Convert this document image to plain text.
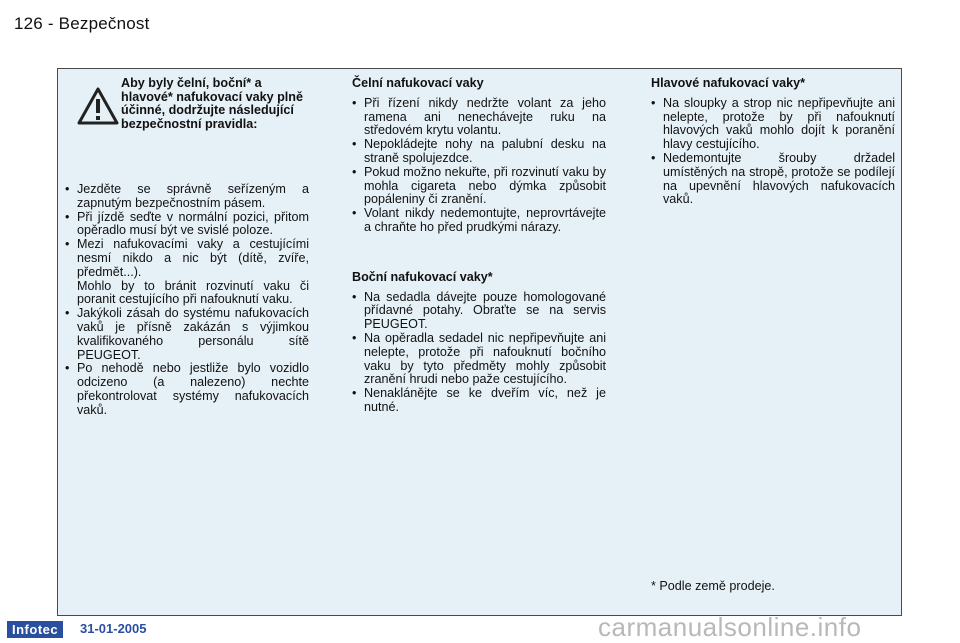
126 - Bezpečnost
Aby byly čelní, boční* a hlavové* nafukovací vaky plně účinné, dodržujte následující bezpečnostní pravidla:
• Jezděte se správně seřízeným a zapnutým bezpečnostním pásem.
• Při jízdě seďte v normální pozici, přitom opěradlo musí být ve svislé poloze.
• Mezi nafukovacími vaky a cestujícími nesmí nikdo a nic být (dítě, zvíře, předmět...).
Mohlo by to bránit rozvinutí vaku či poranit cestujícího při nafouknutí vaku.
• Jakýkoli zásah do systému nafukovacích vaků je přísně zakázán s výjimkou kvalifikovaného personálu sítě PEUGEOT.
• Po nehodě nebo jestliže bylo vozidlo odcizeno (a nalezeno) nechte překontrolovat systémy nafukovacích vaků.
Čelní nafukovací vaky
• Při řízení nikdy nedržte volant za jeho ramena ani nenechávejte ruku na středovém krytu volantu.
• Nepokládejte nohy na palubní desku na straně spolujezdce.
• Pokud možno nekuřte, při rozvinutí vaku by mohla cigareta nebo dýmka způsobit popáleniny či zranění.
• Volant nikdy nedemontujte, neprovrtávejte a chraňte ho před prudkými nárazy.
Boční nafukovací vaky*
• Na sedadla dávejte pouze homologované přídavné potahy. Obraťte se na servis PEUGEOT.
• Na opěradla sedadel nic nepřipevňujte ani nelepte, protože při nafouknutí bočního vaku by tyto předměty mohly způsobit zranění hrudi nebo paže cestujícího.
• Nenaklánějte se ke dveřím víc, než je nutné.
Hlavové nafukovací vaky*
• Na sloupky a strop nic nepřipevňujte ani nelepte, protože by při nafouknutí hlavových vaků mohlo dojít k poranění hlavy cestujícího.
• Nedemontujte šrouby držadel umístěných na stropě, protože se podílejí na upevnění hlavových nafukovacích vaků.
* Podle země prodeje.
Infotec	31-01-2005	carmanualsonline.info
